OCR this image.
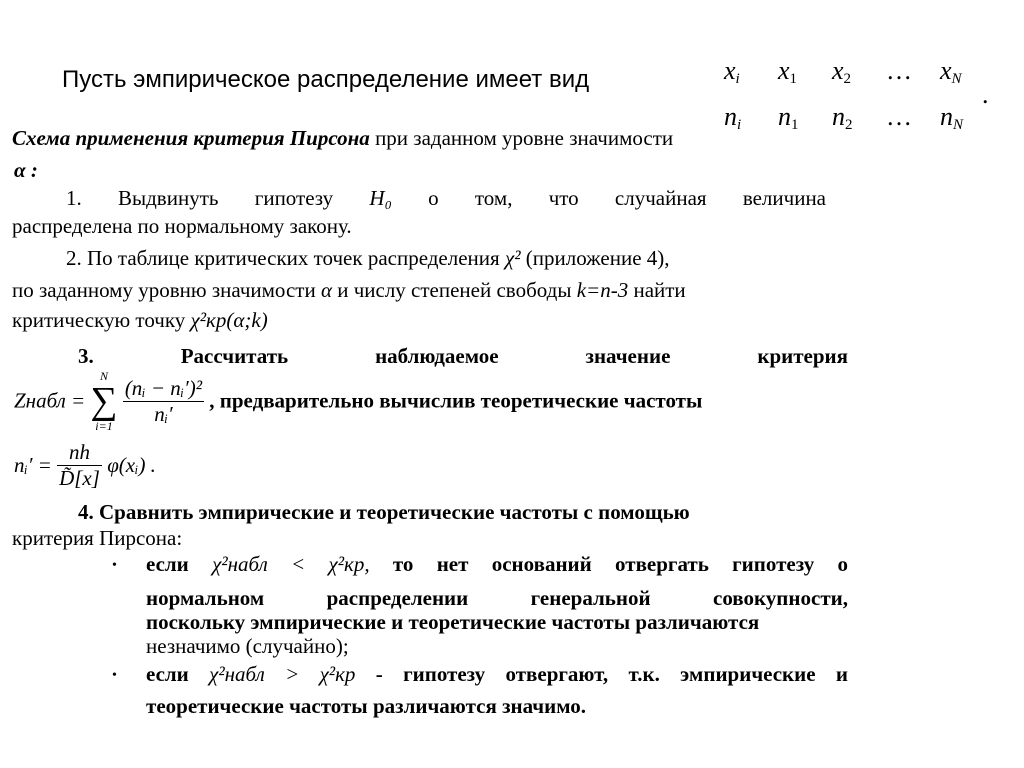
Пусть эмпирическое распределение имеет вид	$x_i$ $x_1$ $x_2$ … $x_N$
$n_i$ $n_1$ $n_2$ … $n_N$
.
Схема применения критерия Пирсона при заданном уровне значимости
α :
1. Выдвинуть гипотезу H₀ о том, что случайная величина
распределена по нормальному закону.
2. По таблице критических точек распределения χ² (приложение 4),
по заданному уровню значимости α и числу степеней свободы k=n-3 найти
критическую точку χ²кр(α;k)
3. Рассчитать	наблюдаемое	значение	критерия
Zнабл =
N
∑
i=1
$\frac{\text{(nᵢ − nᵢ′)²}}{\text{nᵢ′}}$ , предварительно вычислив теоретические частоты
nᵢ′ = $\frac{nh}{D̃[x]}$ φ(xᵢ) .
4. Сравнить эмпирические и теоретические частоты с помощью
критерия Пирсона:
• если χ²набл < χ²кр, то нет оснований отвергать гипотезу о
нормальном распределении генеральной совокупности,
поскольку эмпирические и теоретические частоты различаются
незначимо (случайно);
• если χ²набл > χ²кр - гипотезу отвергают, т.к. эмпирические и
теоретические частоты различаются значимо.
